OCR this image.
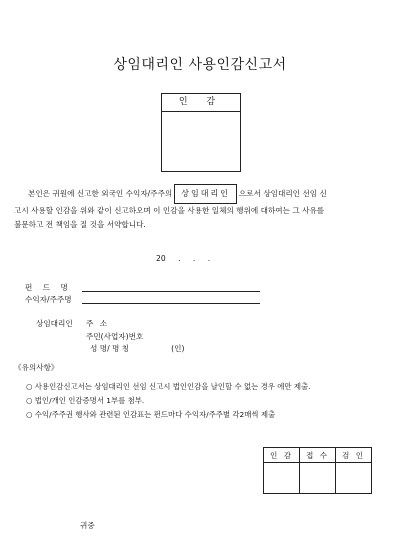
상임대리인 사용인감신고서
인 감

본인은 귀원에 신고한 외국인 수익자/주주의 상임대리인 으로서 상임대리인 선임 신

고시 사용할 인감을 위와 같이 신고하오며 이 인감을 사용한 일체의 행위에 대하여는 그 사유를

불문하고 전 책임을 질 것을 서약합니다.

20 . . .
펀 드 명
수익자/주주명
상임대리인 주 소
주민(사업자)번호
성 명/ 명 칭	(인)
《유의사항》
○ 사용인감신고서는 상임대리인 선임 신고시 법인인감을 날인할 수 없는 경우 에만 제출.
○ 법인/개인 인감증명서 1부를 첨부.
○ 수익/주주권 행사와 관련된 인감표는 펀드마다 수익자/주주별 각2매씩 제출
인 감	접 수	검 인

귀중
